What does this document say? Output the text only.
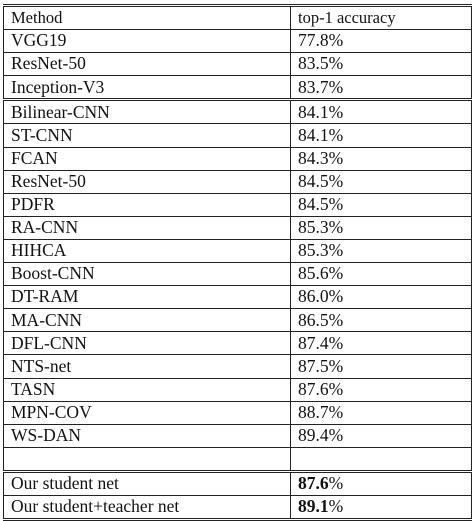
Method	top-1 accuracy
VGG19	77.8%
ResNet-50	83.5%
Inception-V3	83.7%
Bilinear-CNN	84.1%
ST-CNN	84.1%
FCAN	84.3%
ResNet-50	84.5%
PDFR	84.5%
RA-CNN	85.3%
HIHCA	85.3%
Boost-CNN	85.6%
DT-RAM	86.0%
MA-CNN	86.5%
DFL-CNN	87.4%
NTS-net	87.5%
TASN	87.6%
MPN-COV	88.7%
WS-DAN	89.4%

Our student net	87.6%
Our student+teacher net	89.1%
